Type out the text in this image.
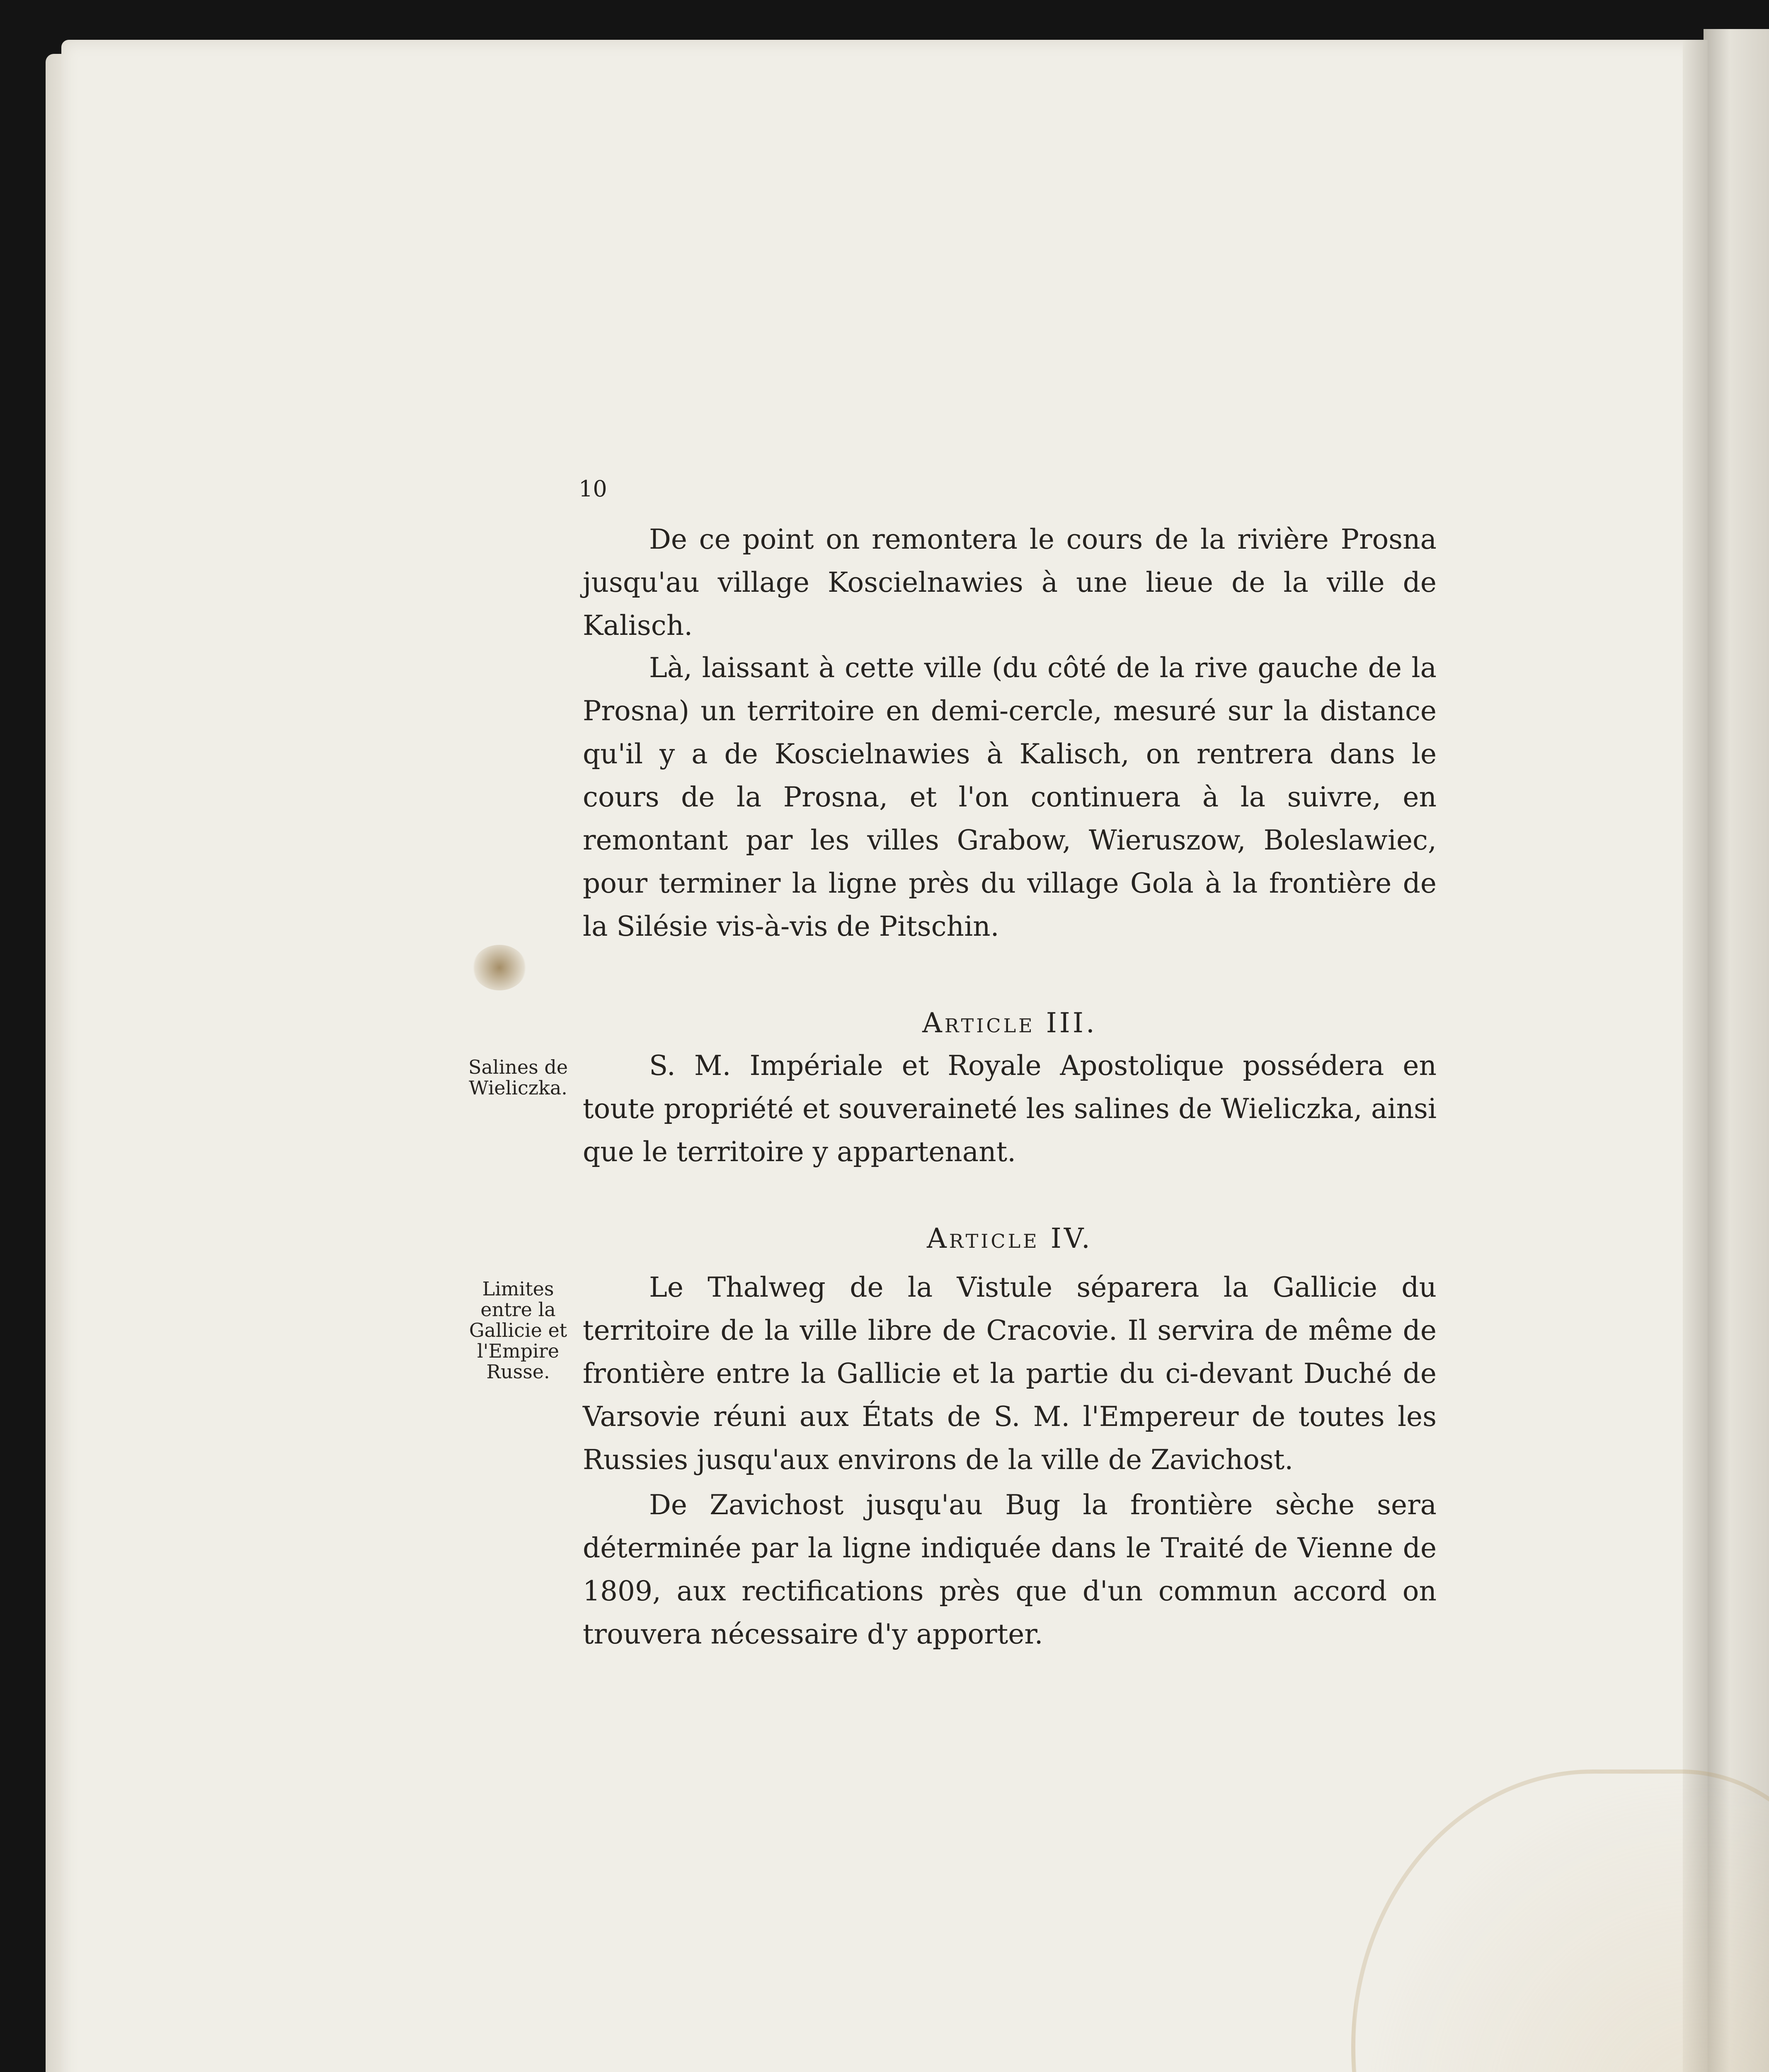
10

De ce point on remontera le cours de la rivière Prosna jusqu'au village Koscielnawies à une lieue de la ville de Kalisch.

Là, laissant à cette ville (du côté de la rive gauche de la Prosna) un territoire en demi-cercle, mesuré sur la distance qu'il y a de Koscielnawies à Kalisch, on rentrera dans le cours de la Prosna, et l'on continuera à la suivre, en remontant par les villes Grabow, Wieruszow, Boleslawiec, pour terminer la ligne près du village Gola à la frontière de la Silésie vis-à-vis de Pitschin.

Article III.
Salines de Wieliczka.

S. M. Impériale et Royale Apostolique possédera en toute propriété et souveraineté les salines de Wieliczka, ainsi que le territoire y appartenant.

Article IV.
Limites entre la Gallicie et l'Empire Russe.

Le Thalweg de la Vistule séparera la Gallicie du territoire de la ville libre de Cracovie. Il servira de même de frontière entre la Gallicie et la partie du ci-devant Duché de Varsovie réuni aux États de S. M. l'Empereur de toutes les Russies jusqu'aux environs de la ville de Zavichost.

De Zavichost jusqu'au Bug la frontière sèche sera déterminée par la ligne indiquée dans le Traité de Vienne de 1809, aux rectifications près que d'un commun accord on trouvera nécessaire d'y apporter.
